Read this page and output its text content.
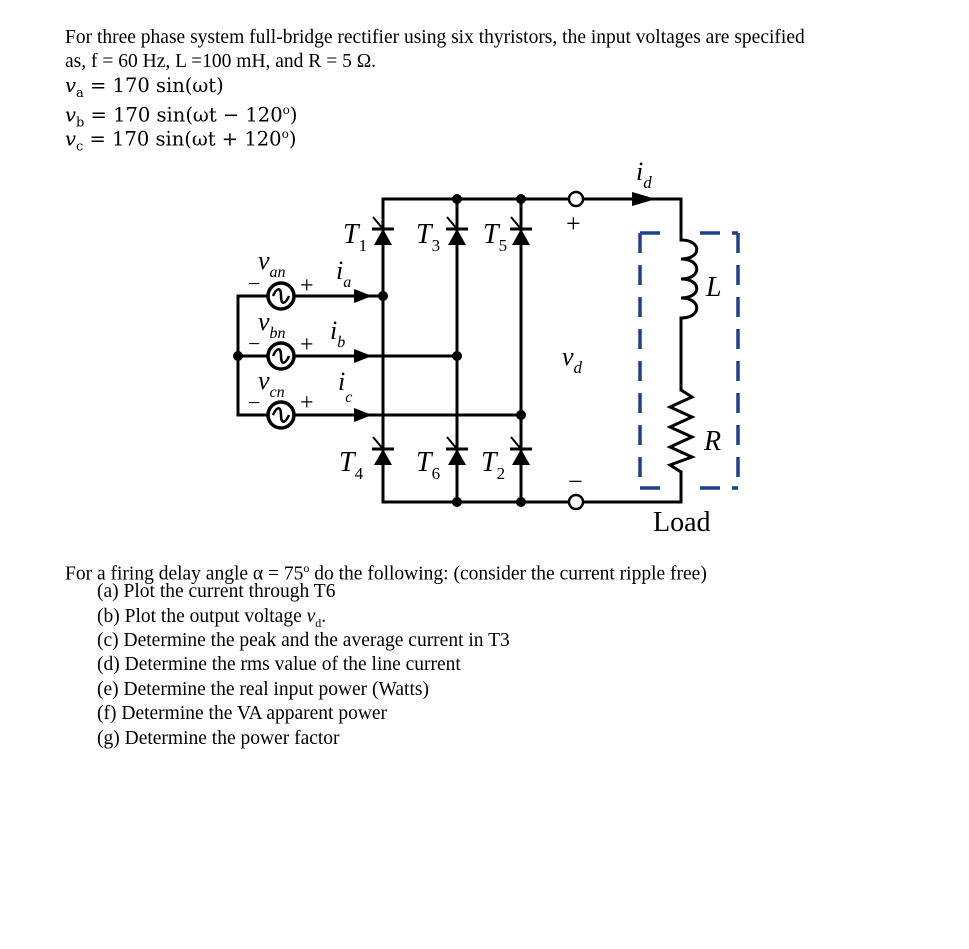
For three phase system full-bridge rectifier using six thyristors, the input voltages are specified
as, f = 60 Hz, L =100 mH, and R = 5 Ω.
$v_a = 170$ sin(ωt)
$v_b = 170$ $\sin(\omega t - 120^o)$
$v_c = 170$ $\sin(\omega t + 120^o)$
$i_d$
+
−
$v_d$
L
R
Load
$T_1$ $T_3$ $T_5$
$T_4$ $T_6$ $T_2$
$v_{an}$ $i_a$
− +
$v_{bn}$ $i_b$
− +
$v_{cn}$ $i_c$
− +
For a firing delay angle $\alpha = 75^o$ do the following: (consider the current ripple free)
(a) Plot the current through T6
(b) Plot the output voltage $v_d$.
(c) Determine the peak and the average current in T3
(d) Determine the rms value of the line current
(e) Determine the real input power (Watts)
(f) Determine the VA apparent power
(g) Determine the power factor
